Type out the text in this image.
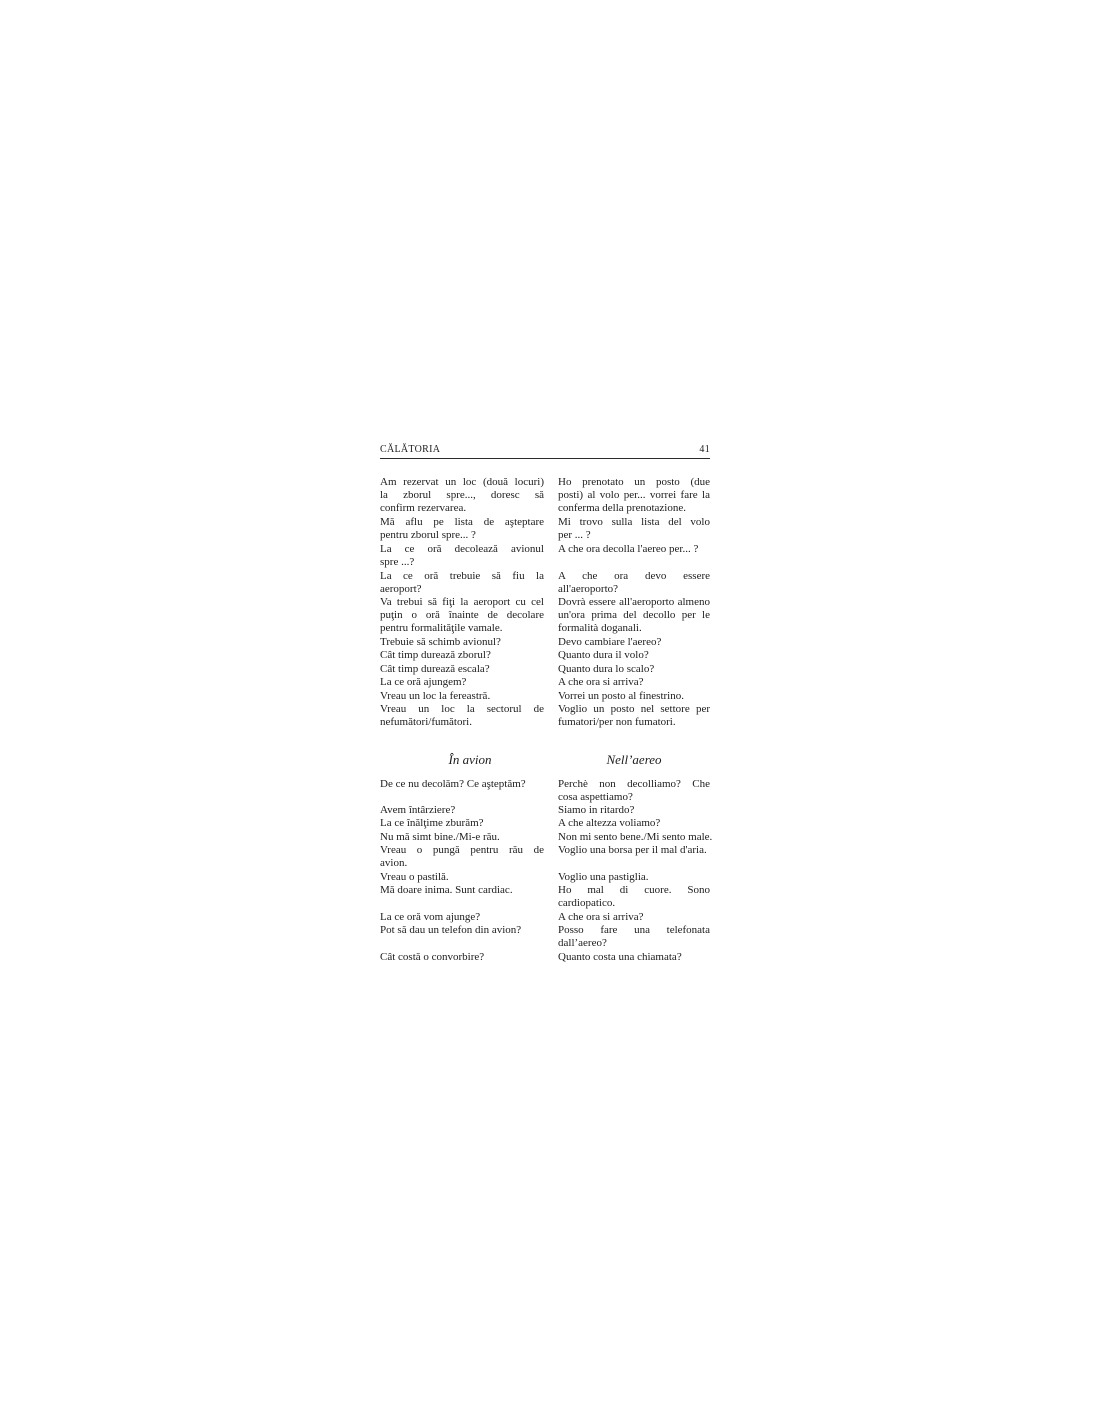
CĂLĂTORIA	41
Am rezervat un loc (două locuri)
la zborul spre..., doresc să
confirm rezervarea.
Mă aflu pe lista de aşteptare
pentru zborul spre... ?
La ce oră decolează avionul
spre ...?
La ce oră trebuie să fiu la
aeroport?
Va trebui să fiţi la aeroport cu cel
puţin o oră înainte de decolare
pentru formalităţile vamale.
Trebuie să schimb avionul?
Cât timp durează zborul?
Cât timp durează escala?
La ce oră ajungem?
Vreau un loc la fereastră.
Vreau un loc la sectorul de
nefumători/fumători.
Ho prenotato un posto (due
posti) al volo per... vorrei fare la
conferma della prenotazione.
Mi trovo sulla lista del volo
per ... ?
A che ora decolla l'aereo per... ?
A che ora devo essere
all'aeroporto?
Dovrà essere all'aeroporto almeno
un'ora prima del decollo per le
formalità doganali.
Devo cambiare l'aereo?
Quanto dura il volo?
Quanto dura lo scalo?
A che ora si arriva?
Vorrei un posto al finestrino.
Voglio un posto nel settore per
fumatori/per non fumatori.
În avion	Nell’aereo
De ce nu decolăm? Ce aşteptăm?
Avem întârziere?
La ce înălţime zburăm?
Nu mă simt bine./Mi-e rău.
Vreau o pungă pentru rău de
avion.
Vreau o pastilă.
Mă doare inima. Sunt cardiac.
La ce oră vom ajunge?
Pot să dau un telefon din avion?
Cât costă o convorbire?
Perchè non decolliamo? Che
cosa aspettiamo?
Siamo in ritardo?
A che altezza voliamo?
Non mi sento bene./Mi sento male.
Voglio una borsa per il mal d'aria.
Voglio una pastiglia.
Ho mal di cuore. Sono
cardiopatico.
A che ora si arriva?
Posso fare una telefonata
dall’aereo?
Quanto costa una chiamata?
